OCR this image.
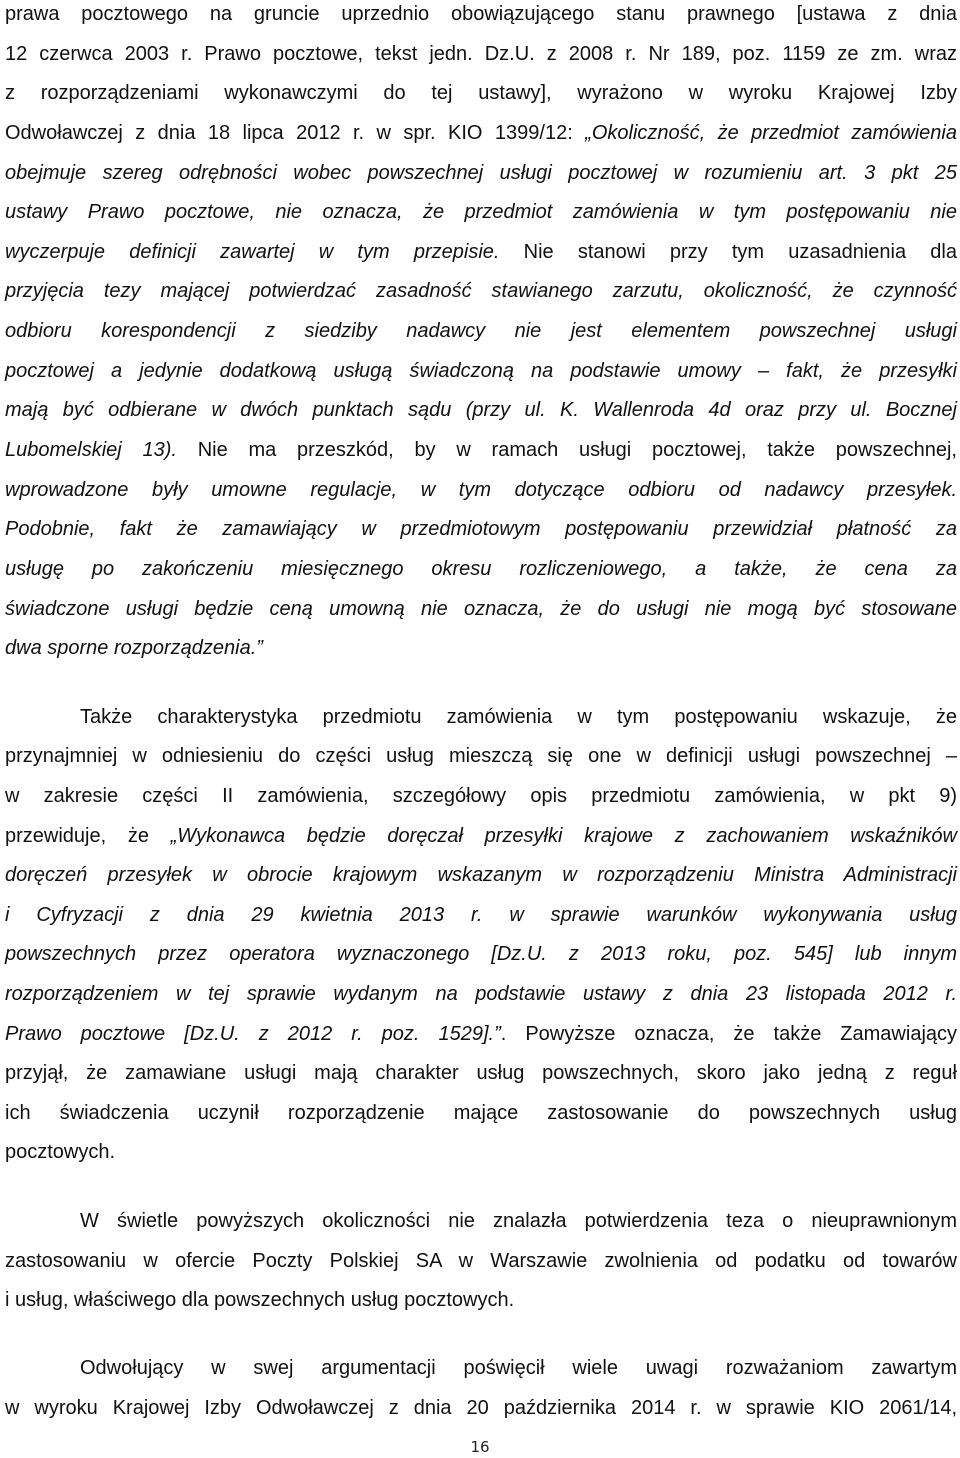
prawa pocztowego na gruncie uprzednio obowiązującego stanu prawnego [ustawa z dnia
12 czerwca 2003 r. Prawo pocztowe, tekst jedn. Dz.U. z 2008 r. Nr 189, poz. 1159 ze zm. wraz
z rozporządzeniami wykonawczymi do tej ustawy], wyrażono w wyroku Krajowej Izby
Odwoławczej z dnia 18 lipca 2012 r. w spr. KIO 1399/12: „Okoliczność, że przedmiot zamówienia
obejmuje szereg odrębności wobec powszechnej usługi pocztowej w rozumieniu art. 3 pkt 25
ustawy Prawo pocztowe, nie oznacza, że przedmiot zamówienia w tym postępowaniu nie
wyczerpuje definicji zawartej w tym przepisie. Nie stanowi przy tym uzasadnienia dla
przyjęcia tezy mającej potwierdzać zasadność stawianego zarzutu, okoliczność, że czynność
odbioru korespondencji z siedziby nadawcy nie jest elementem powszechnej usługi
pocztowej a jedynie dodatkową usługą świadczoną na podstawie umowy – fakt, że przesyłki
mają być odbierane w dwóch punktach sądu (przy ul. K. Wallenroda 4d oraz przy ul. Bocznej
Lubomelskiej 13). Nie ma przeszkód, by w ramach usługi pocztowej, także powszechnej,
wprowadzone były umowne regulacje, w tym dotyczące odbioru od nadawcy przesyłek.
Podobnie, fakt że zamawiający w przedmiotowym postępowaniu przewidział płatność za
usługę po zakończeniu miesięcznego okresu rozliczeniowego, a także, że cena za
świadczone usługi będzie ceną umowną nie oznacza, że do usługi nie mogą być stosowane
dwa sporne rozporządzenia.”
Także charakterystyka przedmiotu zamówienia w tym postępowaniu wskazuje, że
przynajmniej w odniesieniu do części usług mieszczą się one w definicji usługi powszechnej –
w zakresie części II zamówienia, szczegółowy opis przedmiotu zamówienia, w pkt 9)
przewiduje, że „Wykonawca będzie doręczał przesyłki krajowe z zachowaniem wskaźników
doręczeń przesyłek w obrocie krajowym wskazanym w rozporządzeniu Ministra Administracji
i Cyfryzacji z dnia 29 kwietnia 2013 r. w sprawie warunków wykonywania usług
powszechnych przez operatora wyznaczonego [Dz.U. z 2013 roku, poz. 545] lub innym
rozporządzeniem w tej sprawie wydanym na podstawie ustawy z dnia 23 listopada 2012 r.
Prawo pocztowe [Dz.U. z 2012 r. poz. 1529].”. Powyższe oznacza, że także Zamawiający
przyjął, że zamawiane usługi mają charakter usług powszechnych, skoro jako jedną z reguł
ich świadczenia uczynił rozporządzenie mające zastosowanie do powszechnych usług
pocztowych.
W świetle powyższych okoliczności nie znalazła potwierdzenia teza o nieuprawnionym
zastosowaniu w ofercie Poczty Polskiej SA w Warszawie zwolnienia od podatku od towarów
i usług, właściwego dla powszechnych usług pocztowych.
Odwołujący w swej argumentacji poświęcił wiele uwagi rozważaniom zawartym
w wyroku Krajowej Izby Odwoławczej z dnia 20 października 2014 r. w sprawie KIO 2061/14,
16
